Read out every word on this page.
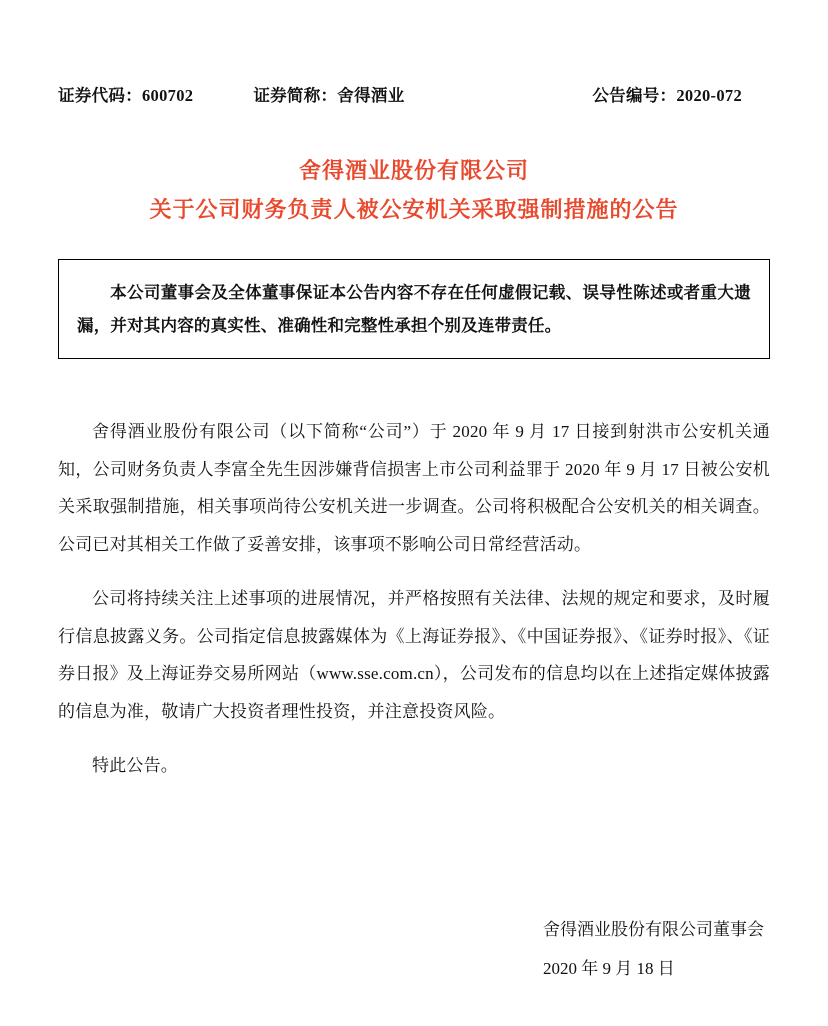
证券代码：600702	证券简称：舍得酒业	公告编号：2020-072
舍得酒业股份有限公司
关于公司财务负责人被公安机关采取强制措施的公告
本公司董事会及全体董事保证本公告内容不存在任何虚假记载、误导性陈述或者重大遗漏，并对其内容的真实性、准确性和完整性承担个别及连带责任。

舍得酒业股份有限公司（以下简称“公司”）于 2020 年 9 月 17 日接到射洪市公安机关通知，公司财务负责人李富全先生因涉嫌背信损害上市公司利益罪于 2020 年 9 月 17 日被公安机关采取强制措施，相关事项尚待公安机关进一步调查。公司将积极配合公安机关的相关调查。公司已对其相关工作做了妥善安排，该事项不影响公司日常经营活动。

公司将持续关注上述事项的进展情况，并严格按照有关法律、法规的规定和要求，及时履行信息披露义务。公司指定信息披露媒体为《上海证券报》、《中国证券报》、《证券时报》、《证券日报》及上海证券交易所网站（www.sse.com.cn），公司发布的信息均以在上述指定媒体披露的信息为准，敬请广大投资者理性投资，并注意投资风险。

特此公告。

舍得酒业股份有限公司董事会
2020 年 9 月 18 日
